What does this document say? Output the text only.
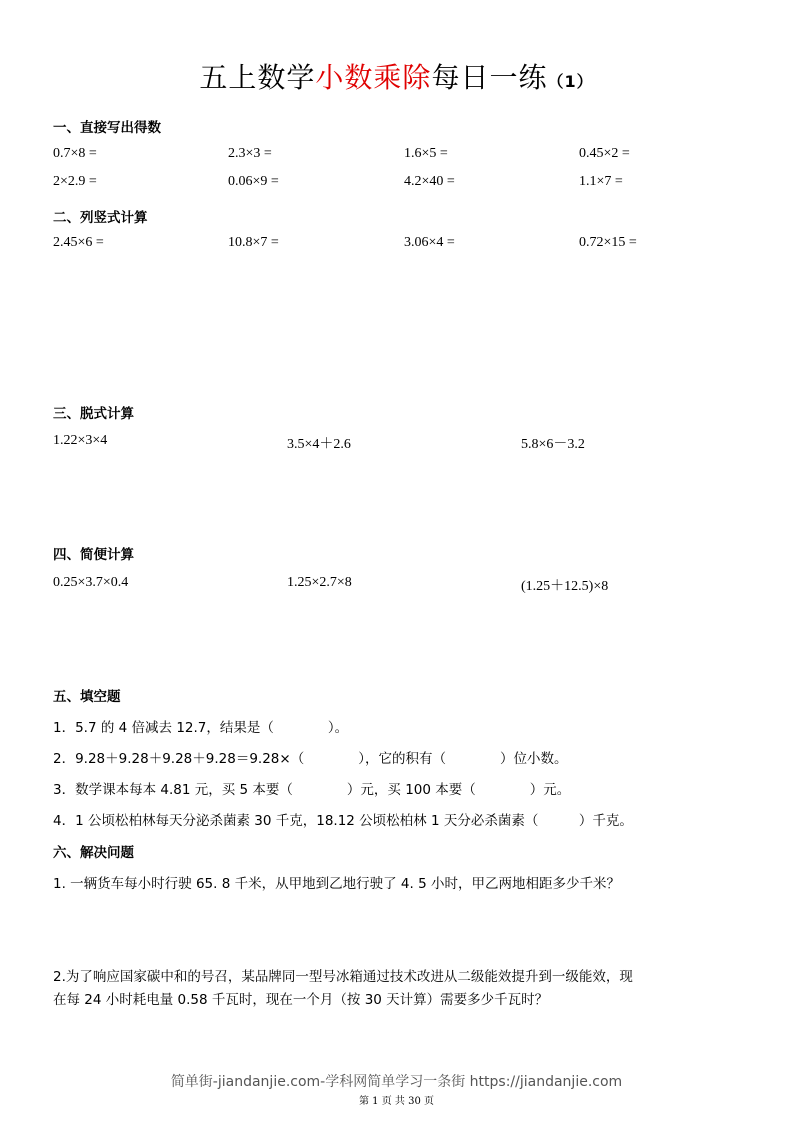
五上数学小数乘除每日一练（1）
一、直接写出得数
0.7×8 =	2.3×3 =	1.6×5 =	0.45×2 =
2×2.9 =	0.06×9 =	4.2×40 =	1.1×7 =
二、列竖式计算
2.45×6 =	10.8×7 =	3.06×4 =	0.72×15 =
三、脱式计算
1.22×3×4	3.5×4＋2.6	5.8×6－3.2
四、简便计算
0.25×3.7×0.4	1.25×2.7×8	(1.25＋12.5)×8
五、填空题
1．5.7 的 4 倍减去 12.7，结果是（　　　　）。
2．9.28＋9.28＋9.28＋9.28＝9.28×（　　　　），它的积有（　　　　）位小数。
3．数学课本每本 4.81 元，买 5 本要（　　　　）元，买 100 本要（　　　　）元。
4．1 公顷松柏林每天分泌杀菌素 30 千克，18.12 公顷松柏林 1 天分必杀菌素（　　　）千克。
六、解决问题
1. 一辆货车每小时行驶 65. 8 千米，从甲地到乙地行驶了 4. 5 小时，甲乙两地相距多少千米？
2.为了响应国家碳中和的号召，某品牌同一型号冰箱通过技术改进从二级能效提升到一级能效，现
在每 24 小时耗电量 0.58 千瓦时，现在一个月（按 30 天计算）需要多少千瓦时？
简单街-jiandanjie.com-学科网简单学习一条街 https://jiandanjie.com
第 1 页 共 30 页
